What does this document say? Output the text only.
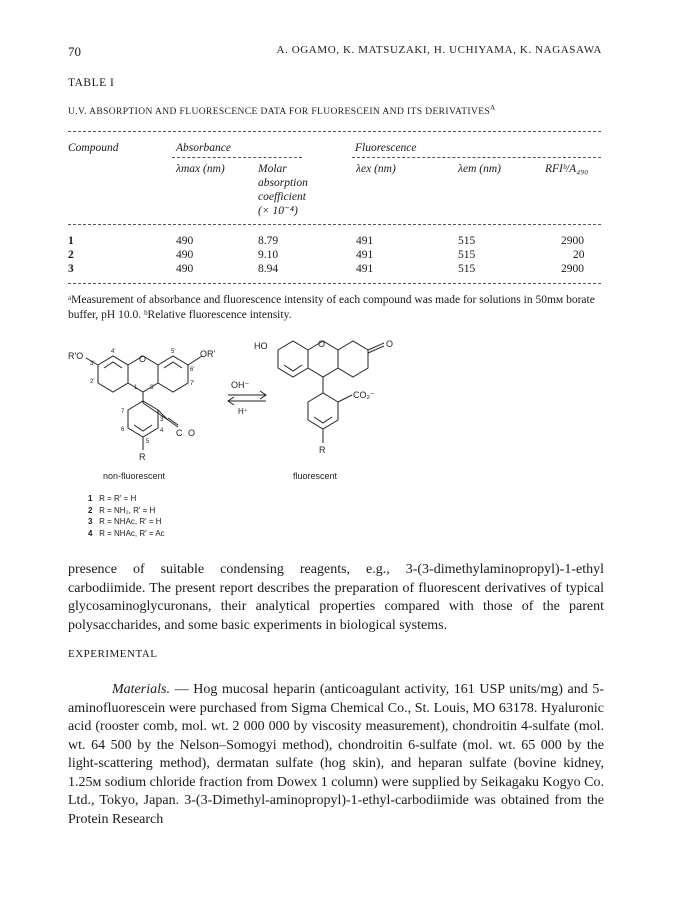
70	A. OGAMO, K. MATSUZAKI, H. UCHIYAMA, K. NAGASAWA
TABLE I
U.V. ABSORPTION AND FLUORESCENCE DATA FOR FLUORESCEIN AND ITS $DERIVATIVES^A$
Compound	Absorbance	Fluorescence
λmax (nm)	Molar
absorption
coefficient
(× 10⁻⁴)
λex (nm)	λem (nm)	RFIᵇ/A₄₉₀
1	490	8.79	491	515	2900
2	490	9.10	491	515	20
3	490	8.94	491	515	2900
ᵃMeasurement of absorbance and fluorescence intensity of each compound was made for solutions in 50mᴍ borate buffer, pH 10.0. ᵇRelative fluorescence intensity.
R'O	OR'
O
C O
R
non-fluorescent
OH⁻
H⁺
HO	O	O
CO₂⁻
R
fluorescent
4'	5'
3'
6'
2'	7'
1 8'
3
7
6	4
5
1 R = R' = H
2 R = NH₂, R' = H
3 R = NHAc, R' = H
4 R = NHAc, R' = Ac
presence of suitable condensing reagents, e.g., 3-(3-dimethylaminopropyl)-1-ethyl carbodiimide. The present report describes the preparation of fluorescent derivatives of typical glycosaminoglycuronans, their analytical properties compared with those of the parent polysaccharides, and some basic experiments in biological systems.
EXPERIMENTAL
Materials. — Hog mucosal heparin (anticoagulant activity, 161 USP units/mg) and 5-aminofluorescein were purchased from Sigma Chemical Co., St. Louis, MO 63178. Hyaluronic acid (rooster comb, mol. wt. 2 000 000 by viscosity measurement), chondroitin 4-sulfate (mol. wt. 64 500 by the Nelson–Somogyi method), chondroitin 6-sulfate (mol. wt. 65 000 by the light-scattering method), dermatan sulfate (hog skin), and heparan sulfate (bovine kidney, 1.25ᴍ sodium chloride fraction from Dowex 1 column) were supplied by Seikagaku Kogyo Co. Ltd., Tokyo, Japan. 3-(3-Dimethyl-aminopropyl)-1-ethyl-carbodiimide was obtained from the Protein Research
